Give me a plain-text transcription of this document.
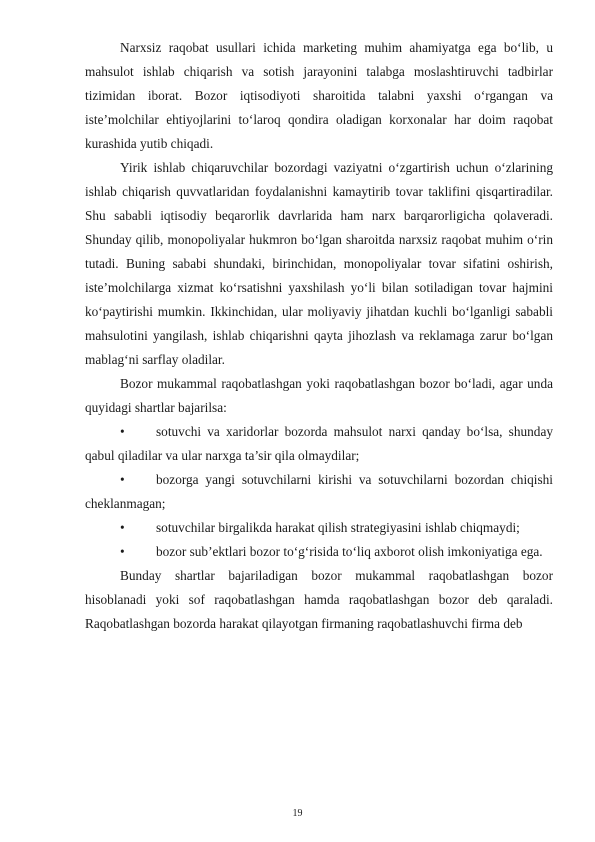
Narxsiz raqobat usullari ichida marketing muhim ahamiyatga ega bo‘lib, u mahsulot ishlab chiqarish va sotish jarayonini talabga moslashtiruvchi tadbirlar tizimidan iborat. Bozor iqtisodiyoti sharoitida talabni yaxshi o‘rgangan va iste’molchilar ehtiyojlarini to‘laroq qondira oladigan korxonalar har doim raqobat kurashida yutib chiqadi.

Yirik ishlab chiqaruvchilar bozordagi vaziyatni o‘zgartirish uchun o‘zlarining ishlab chiqarish quvvatlaridan foydalanishni kamaytirib tovar taklifini qisqartiradilar. Shu sababli iqtisodiy beqarorlik davrlarida ham narx barqarorligicha qolaveradi. Shunday qilib, monopoliyalar hukmron bo‘lgan sharoitda narxsiz raqobat muhim o‘rin tutadi. Buning sababi shundaki, birinchidan, monopoliyalar tovar sifatini oshirish, iste’molchilarga xizmat ko‘rsatishni yaxshilash yo‘li bilan sotiladigan tovar hajmini ko‘paytirishi mumkin. Ikkinchidan, ular moliyaviy jihatdan kuchli bo‘lganligi sababli mahsulotini yangilash, ishlab chiqarishni qayta jihozlash va reklamaga zarur bo‘lgan mablag‘ni sarflay oladilar.

Bozor mukammal raqobatlashgan yoki raqobatlashgan bozor bo‘ladi, agar unda quyidagi shartlar bajarilsa:

• sotuvchi va xaridorlar bozorda mahsulot narxi qanday bo‘lsa, shunday qabul qiladilar va ular narxga ta’sir qila olmaydilar;
• bozorga yangi sotuvchilarni kirishi va sotuvchilarni bozordan chiqishi cheklanmagan;
• sotuvchilar birgalikda harakat qilish strategiyasini ishlab chiqmaydi;
• bozor sub’ektlari bozor to‘g‘risida to‘liq axborot olish imkoniyatiga ega.

Bunday shartlar bajariladigan bozor mukammal raqobatlashgan bozor hisoblanadi yoki sof raqobatlashgan hamda raqobatlashgan bozor deb qaraladi. Raqobatlashgan bozorda harakat qilayotgan firmaning raqobatlashuvchi firma deb

19
